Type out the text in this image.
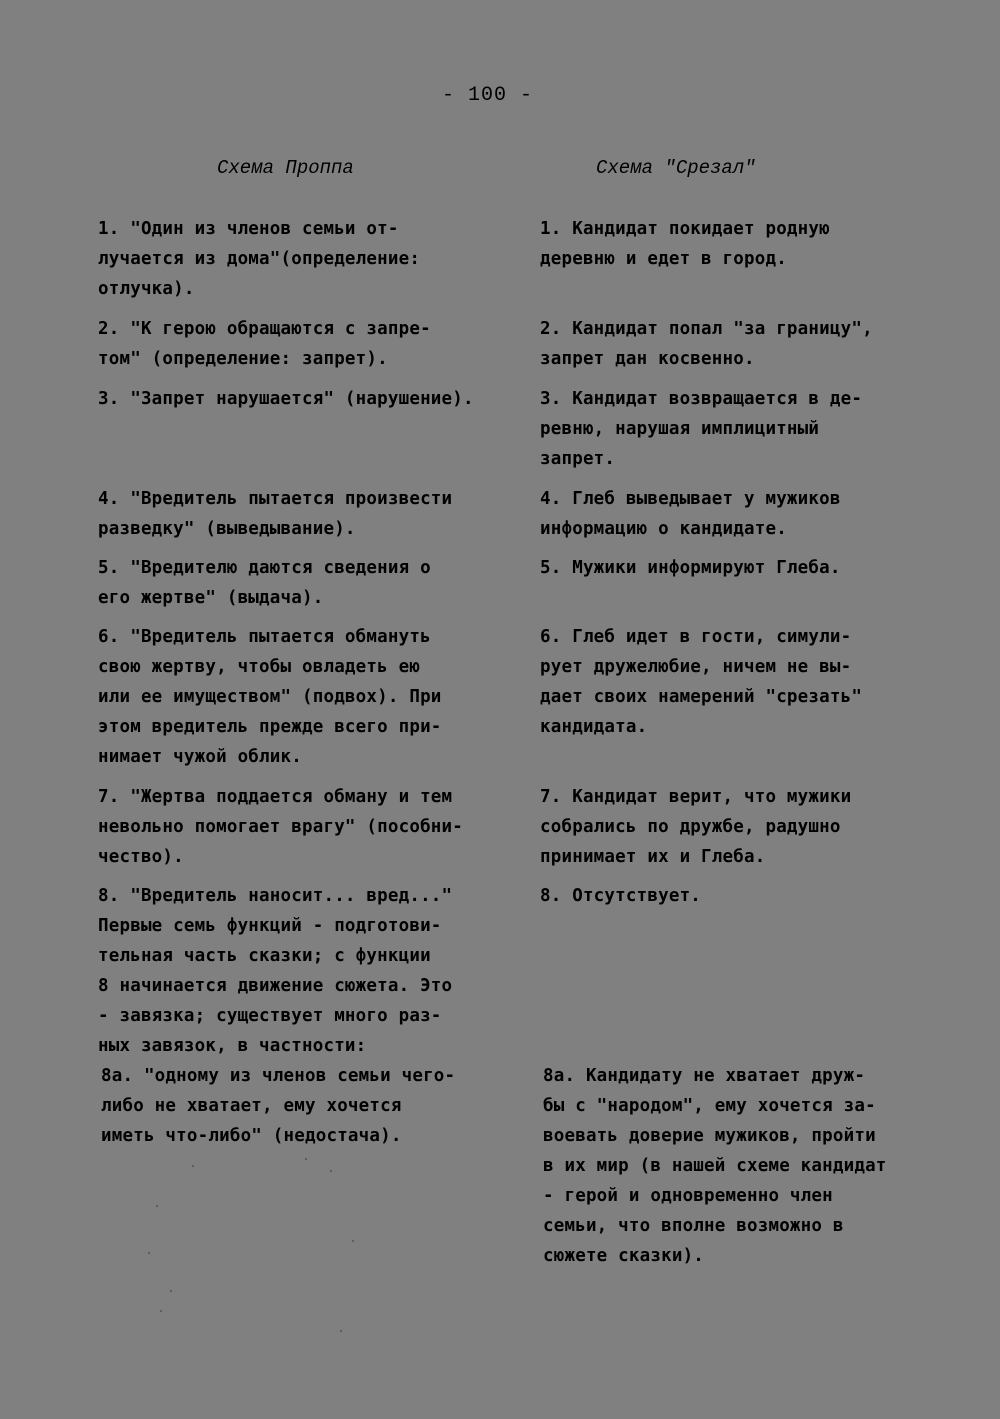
- 100 -
Схема Проппа	Схема "Срезал"
1. "Один из членов семьи от-
лучается из дома"(определение:
отлучка).
2. "К герою обращаются с запре-
том" (определение: запрет).
3. "Запрет нарушается" (нарушение).
4. "Вредитель пытается произвести
разведку" (выведывание).
5. "Вредителю даются сведения о
его жертве" (выдача).
6. "Вредитель пытается обмануть
свою жертву, чтобы овладеть ею
или ее имуществом" (подвох). При
этом вредитель прежде всего при-
нимает чужой облик.
7. "Жертва поддается обману и тем
невольно помогает врагу" (пособни-
чество).
8. "Вредитель наносит... вред..."
Первые семь функций - подготови-
тельная часть сказки; с функции
8 начинается движение сюжета. Это
- завязка; существует много раз-
ных завязок, в частности:
8а. "одному из членов семьи чего-
либо не хватает, ему хочется
иметь что-либо" (недостача).
1. Кандидат покидает родную
деревню и едет в город.
2. Кандидат попал "за границу",
запрет дан косвенно.
3. Кандидат возвращается в де-
ревню, нарушая имплицитный
запрет.
4. Глеб выведывает у мужиков
информацию о кандидате.
5. Мужики информируют Глеба.
6. Глеб идет в гости, симули-
рует дружелюбие, ничем не вы-
дает своих намерений "срезать"
кандидата.
7. Кандидат верит, что мужики
собрались по дружбе, радушно
принимает их и Глеба.
8. Отсутствует.
8а. Кандидату не хватает друж-
бы с "народом", ему хочется за-
воевать доверие мужиков, пройти
в их мир (в нашей схеме кандидат
- герой и одновременно член
семьи, что вполне возможно в
сюжете сказки).
